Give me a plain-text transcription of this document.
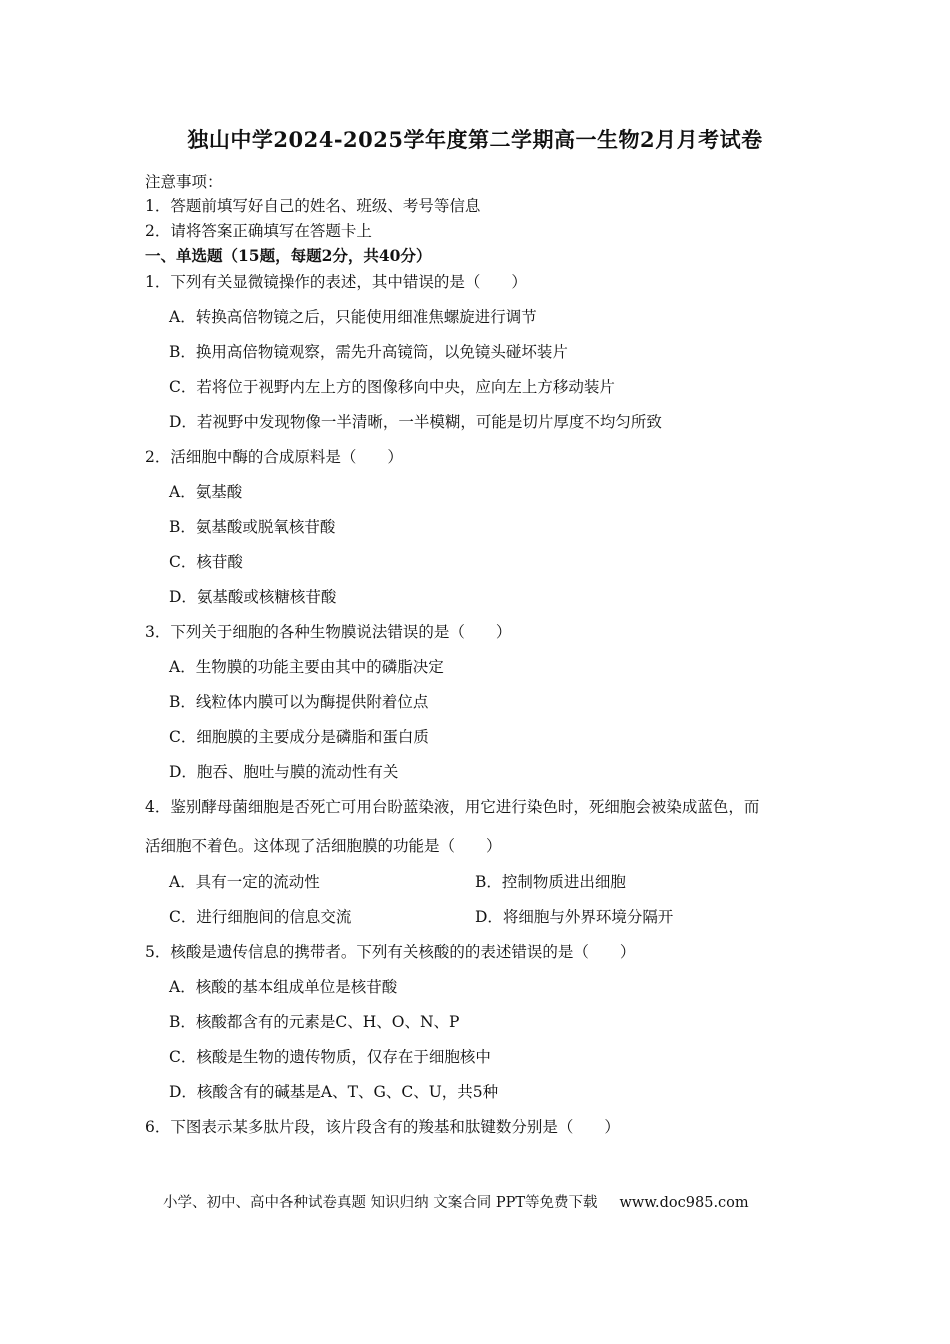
独山中学2024-2025学年度第二学期高一生物2月月考试卷
注意事项：
1．答题前填写好自己的姓名、班级、考号等信息
2．请将答案正确填写在答题卡上
一、单选题（15题，每题2分，共40分）
1．下列有关显微镜操作的表述，其中错误的是（　　）
A．转换高倍物镜之后，只能使用细准焦螺旋进行调节
B．换用高倍物镜观察，需先升高镜筒，以免镜头碰坏装片
C．若将位于视野内左上方的图像移向中央，应向左上方移动装片
D．若视野中发现物像一半清晰，一半模糊，可能是切片厚度不均匀所致
2．活细胞中酶的合成原料是（　　）
A．氨基酸
B．氨基酸或脱氧核苷酸
C．核苷酸
D．氨基酸或核糖核苷酸
3．下列关于细胞的各种生物膜说法错误的是（　　）
A．生物膜的功能主要由其中的磷脂决定
B．线粒体内膜可以为酶提供附着位点
C．细胞膜的主要成分是磷脂和蛋白质
D．胞吞、胞吐与膜的流动性有关
4．鉴别酵母菌细胞是否死亡可用台盼蓝染液，用它进行染色时，死细胞会被染成蓝色，而
活细胞不着色。这体现了活细胞膜的功能是（　　）
A．具有一定的流动性	B．控制物质进出细胞
C．进行细胞间的信息交流	D．将细胞与外界环境分隔开
5．核酸是遗传信息的携带者。下列有关核酸的的表述错误的是（　　）
A．核酸的基本组成单位是核苷酸
B．核酸都含有的元素是C、H、O、N、P
C．核酸是生物的遗传物质，仅存在于细胞核中
D．核酸含有的碱基是A、T、G、C、U，共5种
6．下图表示某多肽片段，该片段含有的羧基和肽键数分别是（　　）
小学、初中、高中各种试卷真题 知识归纳 文案合同 PPT等免费下载 www.doc985.com
